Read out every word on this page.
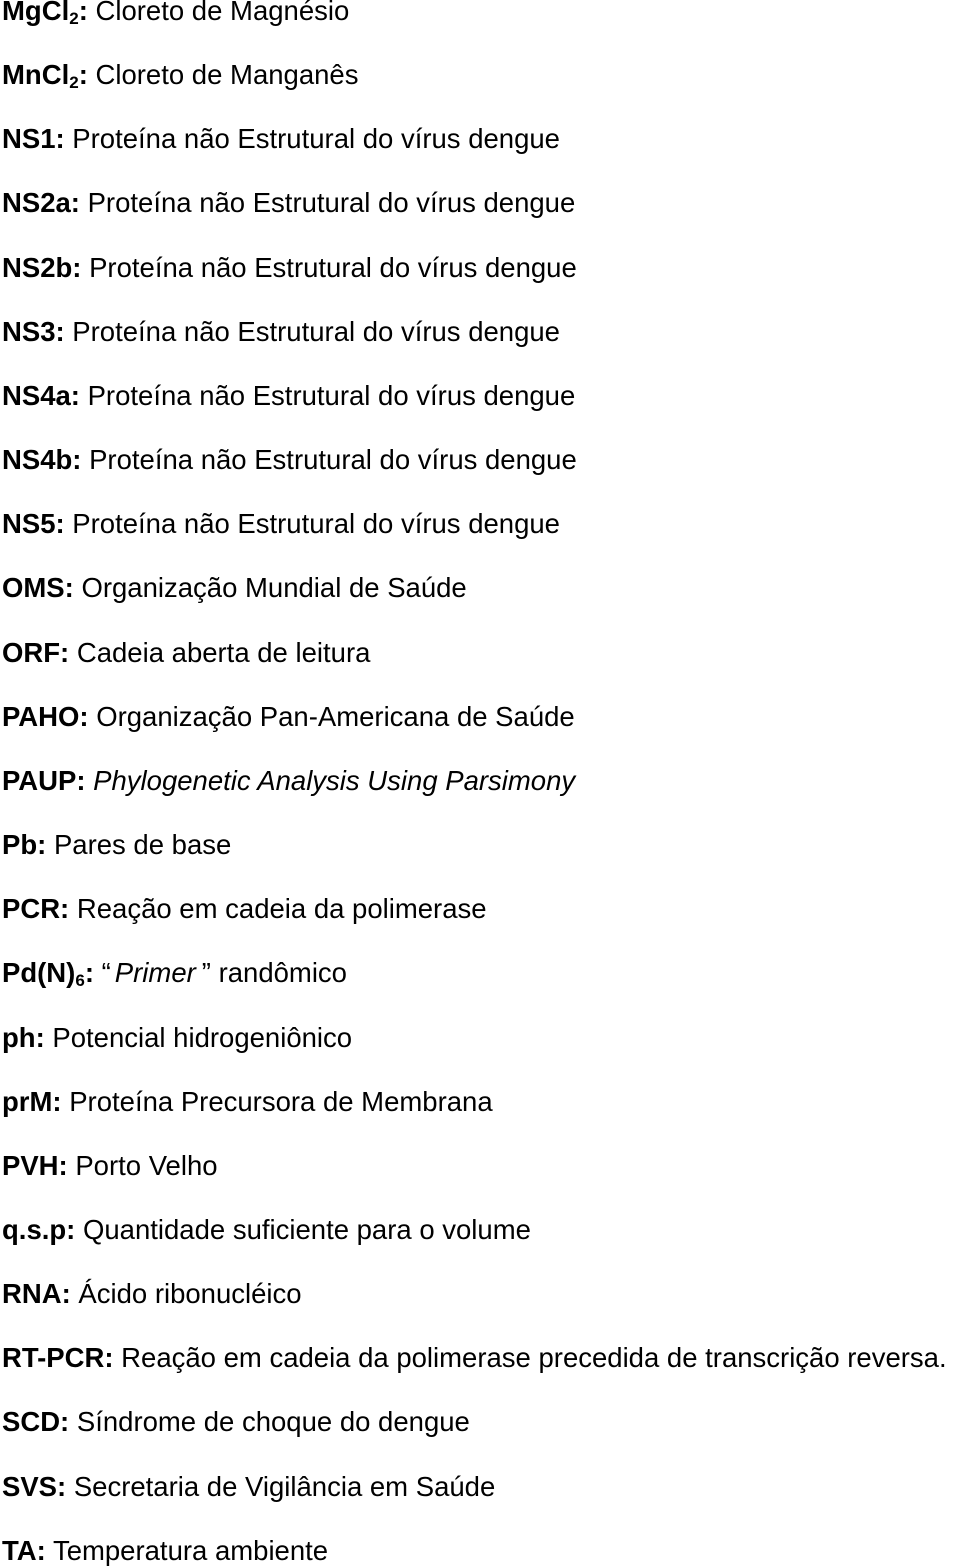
MgCl2: Cloreto de Magnésio
MnCl2: Cloreto de Manganês
NS1: Proteína não Estrutural do vírus dengue
NS2a: Proteína não Estrutural do vírus dengue
NS2b: Proteína não Estrutural do vírus dengue
NS3: Proteína não Estrutural do vírus dengue
NS4a: Proteína não Estrutural do vírus dengue
NS4b: Proteína não Estrutural do vírus dengue
NS5: Proteína não Estrutural do vírus dengue
OMS: Organização Mundial de Saúde
ORF: Cadeia aberta de leitura
PAHO: Organização Pan-Americana de Saúde
PAUP: Phylogenetic Analysis Using Parsimony
Pb: Pares de base
PCR: Reação em cadeia da polimerase
Pd(N)6: “ Primer ” randômico
ph: Potencial hidrogeniônico
prM: Proteína Precursora de Membrana
PVH: Porto Velho
q.s.p: Quantidade suficiente para o volume
RNA: Ácido ribonucléico
RT-PCR: Reação em cadeia da polimerase precedida de transcrição reversa.
SCD: Síndrome de choque do dengue
SVS: Secretaria de Vigilância em Saúde
TA: Temperatura ambiente
